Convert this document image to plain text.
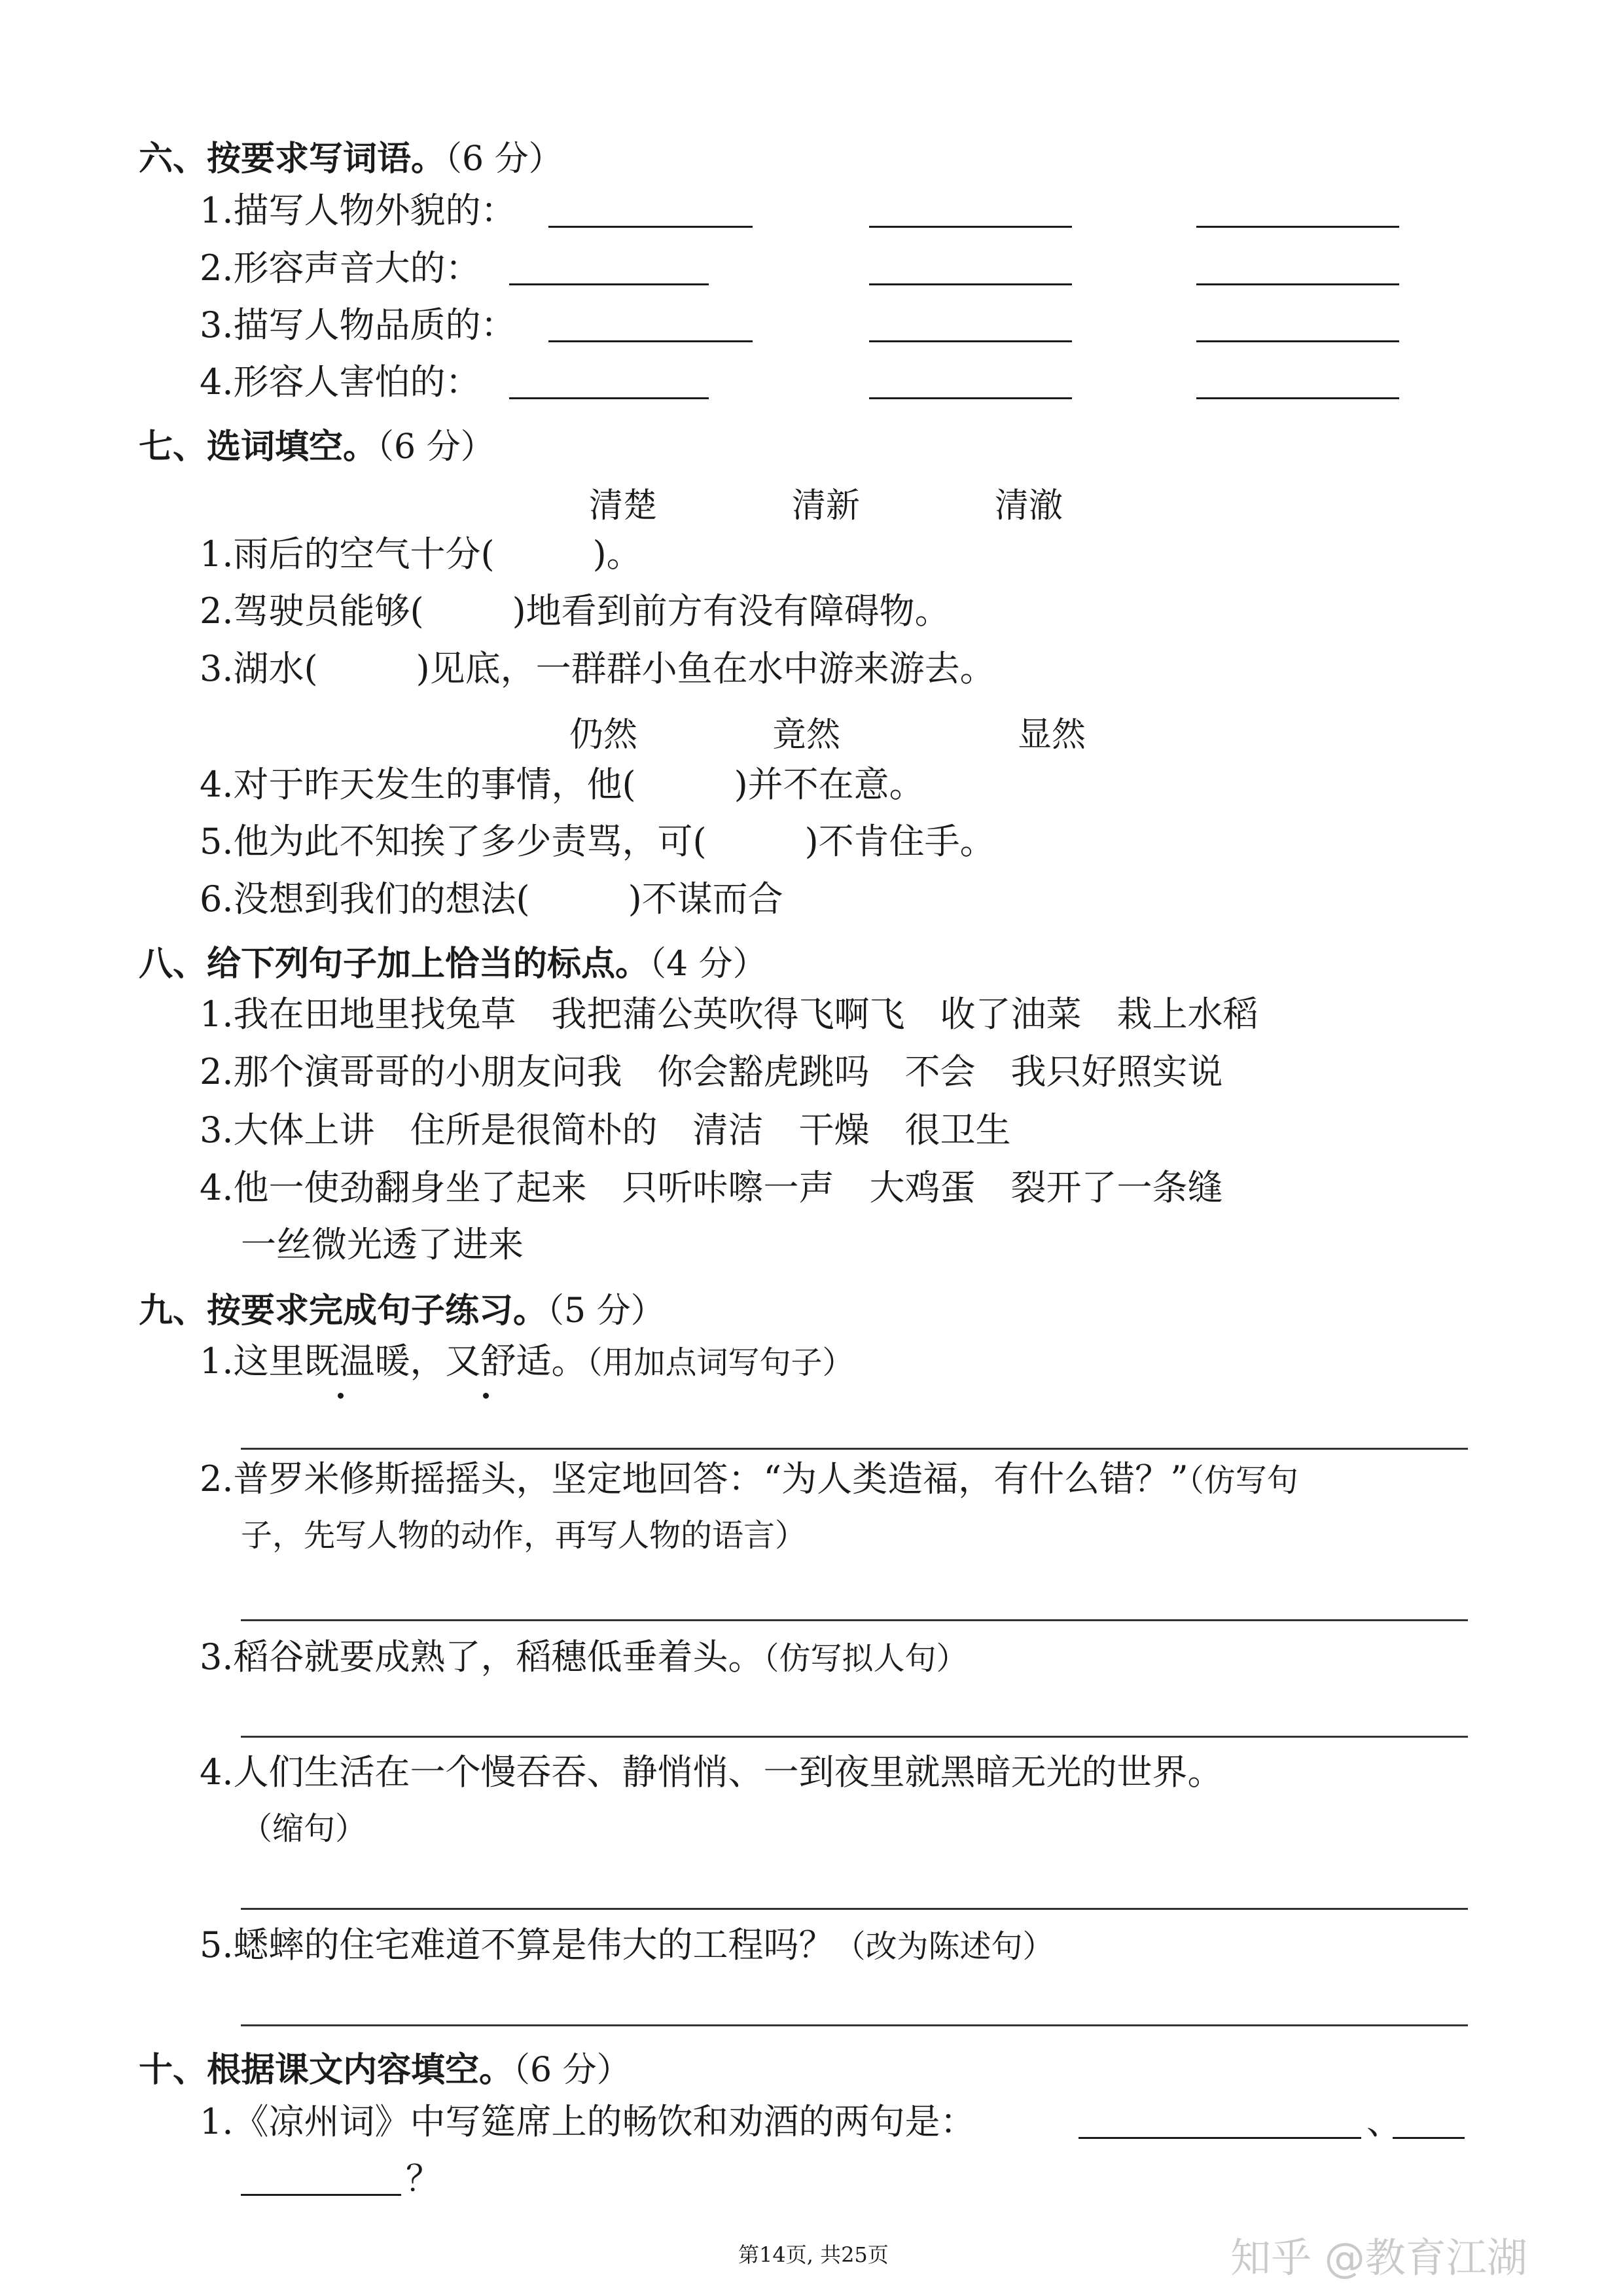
六、按要求写词语。（6 分）
1.描写人物外貌的：
2.形容声音大的：
3.描写人物品质的：
4.形容人害怕的：
七、选词填空。（6 分）
清楚	清新	清澈
1.雨后的空气十分(	)。
2.驾驶员能够(	)地看到前方有没有障碍物。
3.湖水(	)见底，一群群小鱼在水中游来游去。
仍然	竟然	显然
4.对于昨天发生的事情，他(	)并不在意。
5.他为此不知挨了多少责骂，可(	)不肯住手。
6.没想到我们的想法(	)不谋而合
八、给下列句子加上恰当的标点。（4 分）
1.我在田地里找兔草　我把蒲公英吹得飞啊飞　收了油菜　栽上水稻
2.那个演哥哥的小朋友问我　你会豁虎跳吗　不会　我只好照实说
3.大体上讲　住所是很简朴的　清洁　干燥　很卫生
4.他一使劲翻身坐了起来　只听咔嚓一声　大鸡蛋　裂开了一条缝
一丝微光透了进来
九、按要求完成句子练习。（5 分）
1.这里既温暖，又舒适。（用加点词写句子）
2.普罗米修斯摇摇头，坚定地回答：“为人类造福，有什么错？”（仿写句
子，先写人物的动作，再写人物的语言）
3.稻谷就要成熟了，稻穗低垂着头。（仿写拟人句）
4.人们生活在一个慢吞吞、静悄悄、一到夜里就黑暗无光的世界。
（缩句）
5.蟋蟀的住宅难道不算是伟大的工程吗？（改为陈述句）
十、根据课文内容填空。（6 分）
1.《凉州词》中写筵席上的畅饮和劝酒的两句是：	、
？
第14页, 共25页	知乎 @教育江湖
